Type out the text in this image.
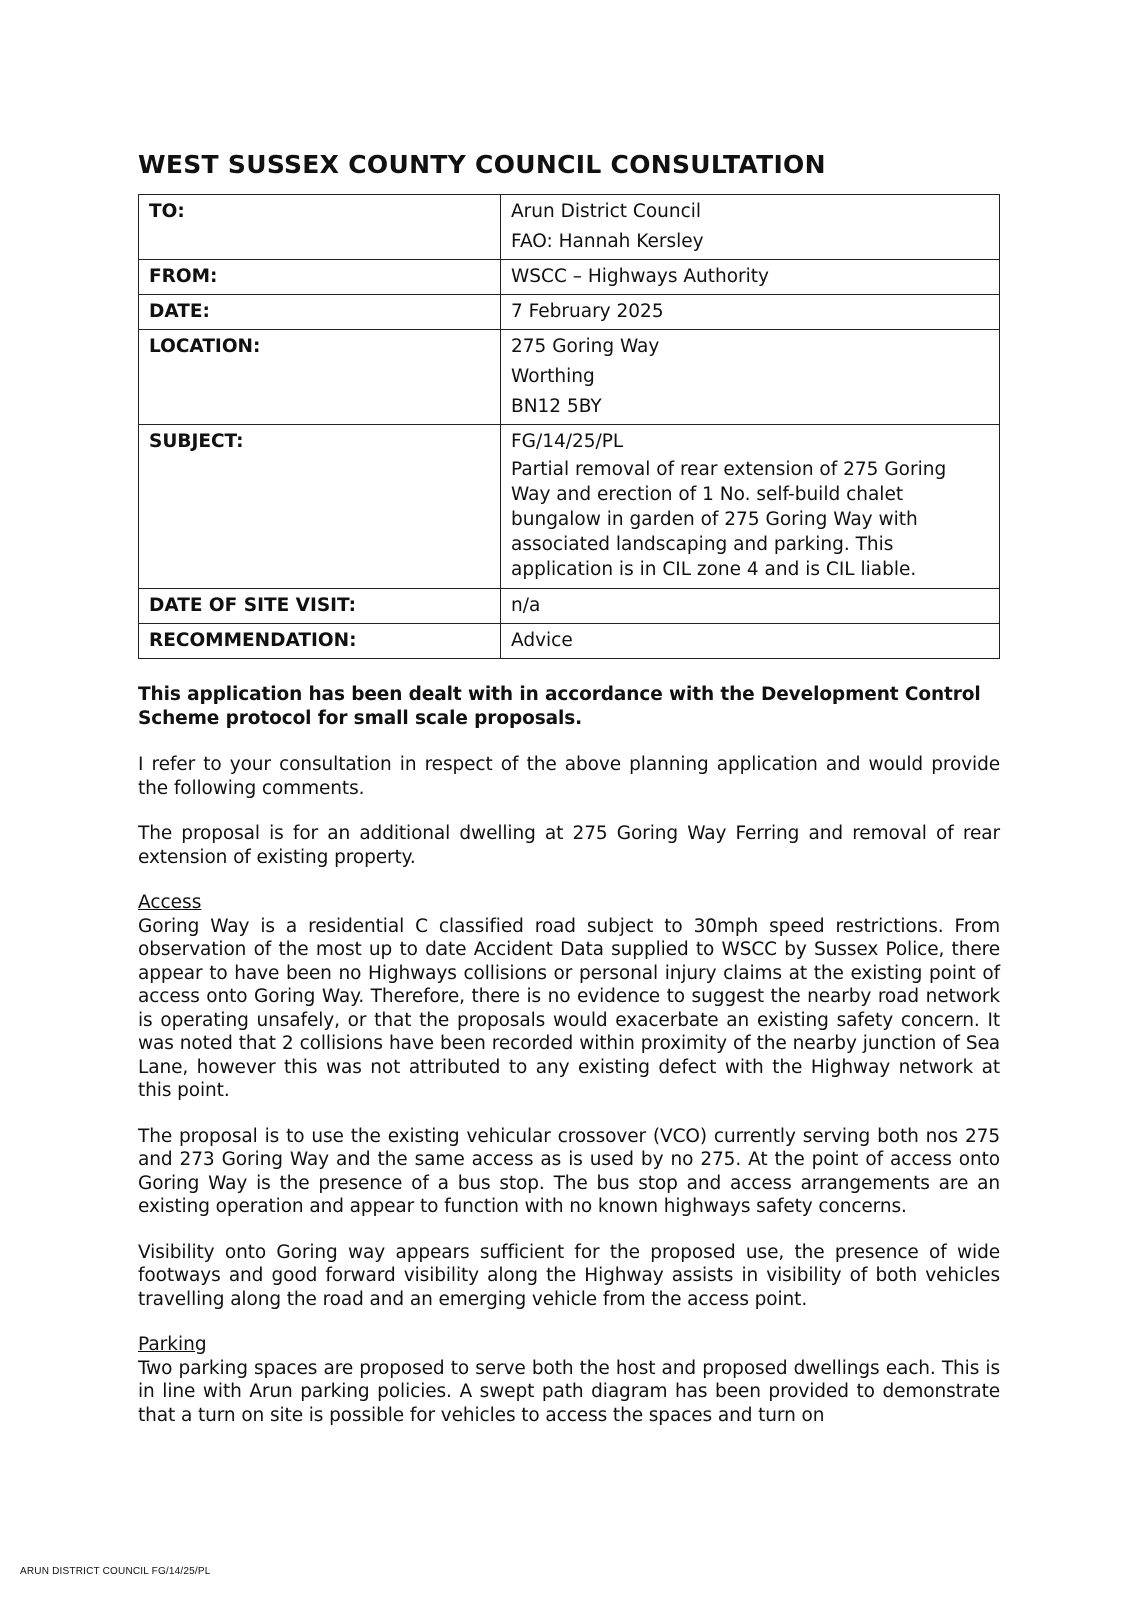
WEST SUSSEX COUNTY COUNCIL CONSULTATION
TO:	Arun District Council
FAO: Hannah Kersley

FROM:	WSCC – Highways Authority
DATE:	7 February 2025
LOCATION:	275 Goring Way
Worthing
BN12 5BY

SUBJECT:	FG/14/25/PL
Partial removal of rear extension of 275 Goring Way and erection of 1 No. self-build chalet bungalow in garden of 275 Goring Way with associated landscaping and parking. This application is in CIL zone 4 and is CIL liable.

DATE OF SITE VISIT:	n/a
RECOMMENDATION:	Advice

This application has been dealt with in accordance with the Development Control Scheme protocol for small scale proposals.

I refer to your consultation in respect of the above planning application and would provide the following comments.

The proposal is for an additional dwelling at 275 Goring Way Ferring and removal of rear extension of existing property.

Access

Goring Way is a residential C classified road subject to 30mph speed restrictions. From observation of the most up to date Accident Data supplied to WSCC by Sussex Police, there appear to have been no Highways collisions or personal injury claims at the existing point of access onto Goring Way. Therefore, there is no evidence to suggest the nearby road network is operating unsafely, or that the proposals would exacerbate an existing safety concern. It was noted that 2 collisions have been recorded within proximity of the nearby junction of Sea Lane, however this was not attributed to any existing defect with the Highway network at this point.

The proposal is to use the existing vehicular crossover (VCO) currently serving both nos 275 and 273 Goring Way and the same access as is used by no 275. At the point of access onto Goring Way is the presence of a bus stop. The bus stop and access arrangements are an existing operation and appear to function with no known highways safety concerns.

Visibility onto Goring way appears sufficient for the proposed use, the presence of wide footways and good forward visibility along the Highway assists in visibility of both vehicles travelling along the road and an emerging vehicle from the access point.

Parking

Two parking spaces are proposed to serve both the host and proposed dwellings each. This is in line with Arun parking policies. A swept path diagram has been provided to demonstrate that a turn on site is possible for vehicles to access the spaces and turn on

ARUN DISTRICT COUNCIL FG/14/25/PL
